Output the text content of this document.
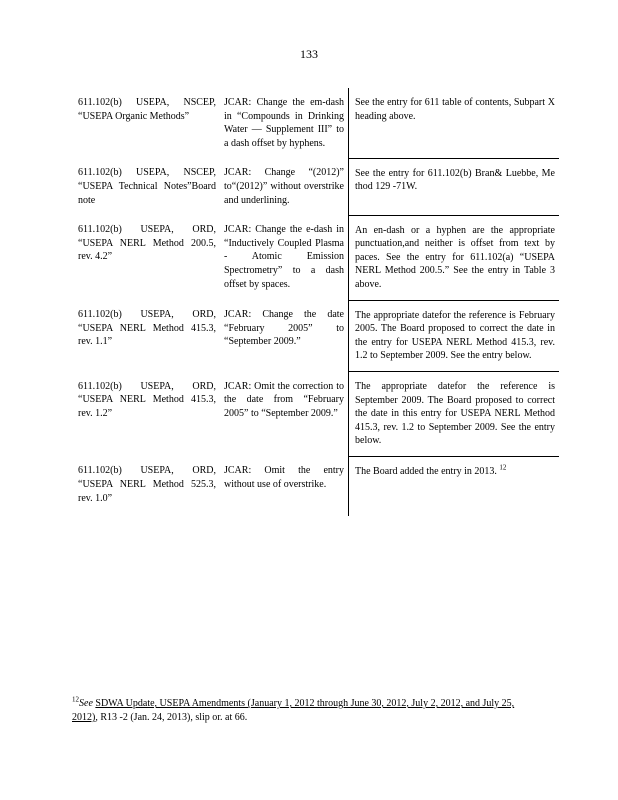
133
611.102(b) USEPA, NSCEP, “USEPA Organic Methods”	JCAR: Change the em-dash in “Compounds in Drinking Water — Supplement III” to a dash offset by hyphens.	See the entry for 611 table of contents, Subpart X heading above.
611.102(b) USEPA, NSCEP, “USEPA Technical Notes”Board note	JCAR: Change “(2012)” to“(2012)” without overstrike and underlining.	See the entry for 611.102(b) Bran& Luebbe, Me thod 129 -71W.
611.102(b) USEPA, ORD, “USEPA NERL Method 200.5, rev. 4.2”	JCAR: Change the e-dash in “Inductively Coupled Plasma - Atomic Emission Spectrometry” to a dash offset by spaces.	An en-dash or a hyphen are the appropriate punctuation,and neither is offset from text by paces. See the entry for 611.102(a) “USEPA NERL Method 200.5.” See the entry in Table 3 above.
611.102(b) USEPA, ORD, “USEPA NERL Method 415.3, rev. 1.1”	JCAR: Change the date “February 2005” to “September 2009.”	The appropriate datefor the reference is February 2005. The Board proposed to correct the date in the entry for USEPA NERL Method 415.3, rev. 1.2 to September 2009. See the entry below.
611.102(b) USEPA, ORD, “USEPA NERL Method 415.3, rev. 1.2”	JCAR: Omit the correction to the date from “February 2005” to “September 2009.”	The appropriate datefor the reference is September 2009. The Board proposed to correct the date in this entry for USEPA NERL Method 415.3, rev. 1.2 to September 2009. See the entry below.
611.102(b) USEPA, ORD, “USEPA NERL Method 525.3, rev. 1.0”	JCAR: Omit the entry without use of overstrike.	The Board added the entry in 2013. $^{12}$
$^{12}$See SDWA Update, USEPA Amendments (January 1, 2012 through June 30, 2012, July 2, 2012, and July 25, 2012), R13 -2 (Jan. 24, 2013), slip or. at 66.
